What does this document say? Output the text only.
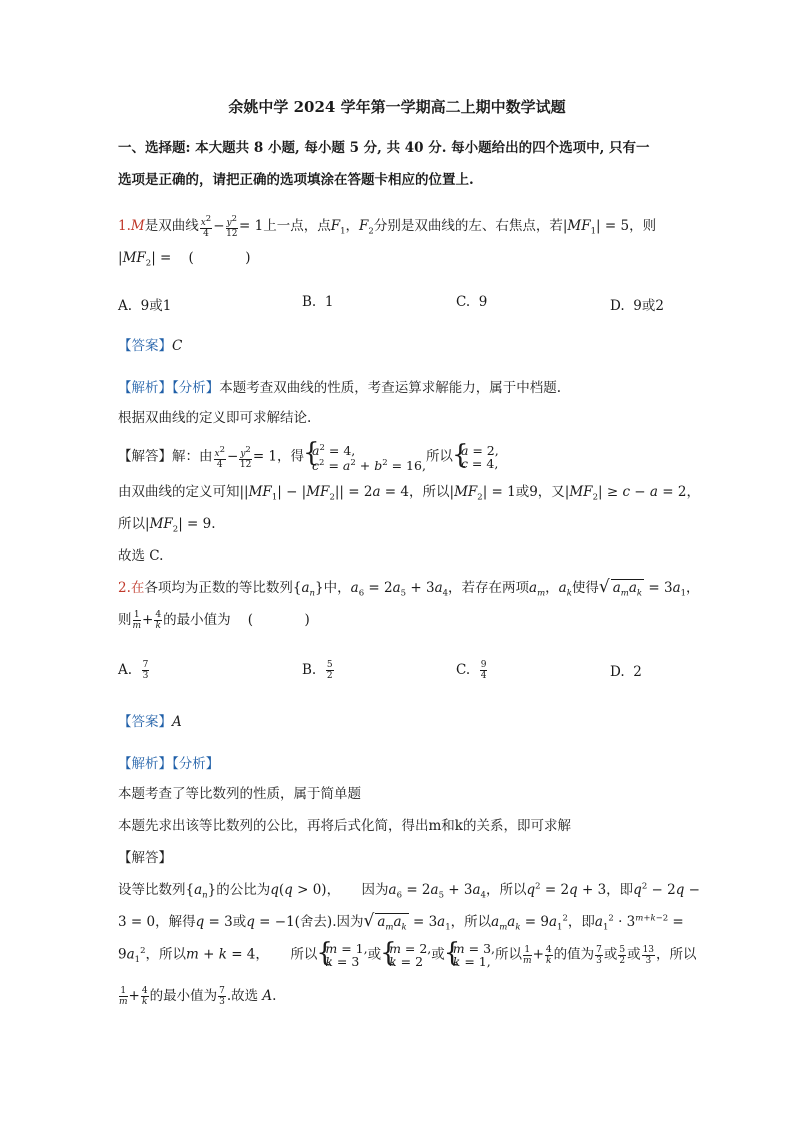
余姚中学 2024 学年第一学期高二上期中数学试题
一、选择题: 本大题共 8 小题, 每小题 5 分, 共 40 分. 每小题给出的四个选项中, 只有一
选项是正确的，请把正确的选项填涂在答题卡相应的位置上.
1.M是双曲线 $\frac{x^2}{4} - \frac{y^2}{12} = 1$上一点，点$F_1$，$F_2$分别是双曲线的左、右焦点，若$|MF_1| = 5$，则
$|MF_2|$ =    (            )
A. 9或1	B. 1	C. 9	D. 9或2
【答案】C
【解析】【分析】本题考查双曲线的性质，考查运算求解能力，属于中档题.
根据双曲线的定义即可求解结论.
【解答】解：由 $\frac{x^2}{4} - \frac{y^2}{12} = 1$，得 { $a^2 = 4$,
$c^2 = a^2 + b^2 = 16$,
所以 { a = 2,
c = 4,
由双曲线的定义可知$||MF_1| - |MF_2|| = 2a = 4$，所以$|MF_2| = 1$或9，又$|MF_2| \ge c - a = 2$，
所以$|MF_2| = 9$.
故选 C.
2.在各项均为正数的等比数列$\{a_n\}$中，$a_6 = 2a_5 + 3a_4$，若存在两项$a_m$，$a_k$使得√ $a_ma_k = 3a_1$，
则 $\frac{1}{m} + \frac{4}{k}$ 的最小值为    (            )
A. $\frac{7}{3}$	B. $\frac{5}{2}$	C. $\frac{9}{4}$	D. 2
【答案】A
【解析】【分析】
本题考查了等比数列的性质，属于简单题
本题先求出该等比数列的公比，再将后式化简，得出m和k的关系，即可求解
【解答】
设等比数列$\{a_n\}$的公比为q(q > 0)，     因为$a_6 = 2a_5 + 3a_4$，所以$q^2 = 2q + 3$，即$q^2 - 2q$ −
3 = 0，解得q = 3或q = −1(舍去).因为√ $a_ma_k = 3a_1$，所以$a_ma_k = 9a_1^2$，即$a_1^2 \cdot 3^{m+k-2}$ =
$9a_1^2$，所以m + k = 4，     所以 { m = 1,
k = 3 或 { m = 2,
k = 2 或 { m = 3,
k = 1, 所以 $\frac{1}{m} + \frac{4}{k}$ 的值为 $\frac{7}{3}$ 或 $\frac{5}{2}$ 或 $\frac{13}{3}$ ，所以
$\frac{1}{m} + \frac{4}{k}$ 的最小值为 $\frac{7}{3}$ .故选 A.
